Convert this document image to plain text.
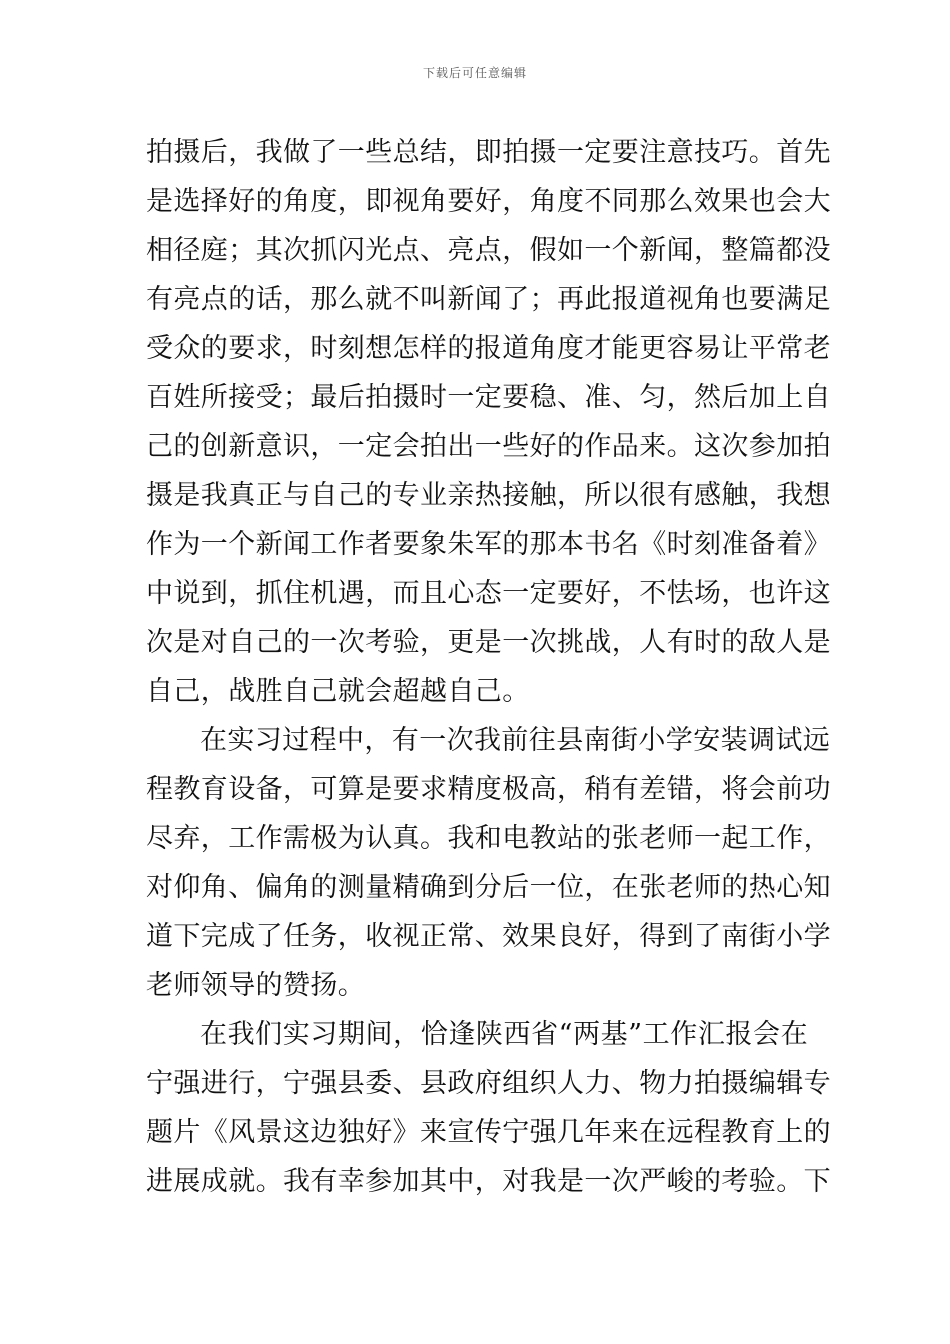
下载后可任意编辑
拍摄后，我做了一些总结，即拍摄一定要注意技巧。首先
是选择好的角度，即视角要好，角度不同那么效果也会大
相径庭；其次抓闪光点、亮点，假如一个新闻，整篇都没
有亮点的话，那么就不叫新闻了；再此报道视角也要满足
受众的要求，时刻想怎样的报道角度才能更容易让平常老
百姓所接受；最后拍摄时一定要稳、准、匀，然后加上自
己的创新意识，一定会拍出一些好的作品来。这次参加拍
摄是我真正与自己的专业亲热接触，所以很有感触，我想
作为一个新闻工作者要象朱军的那本书名《时刻准备着》
中说到，抓住机遇，而且心态一定要好，不怯场，也许这
次是对自己的一次考验，更是一次挑战，人有时的敌人是
自己，战胜自己就会超越自己。
在实习过程中，有一次我前往县南街小学安装调试远
程教育设备，可算是要求精度极高，稍有差错，将会前功
尽弃，工作需极为认真。我和电教站的张老师一起工作，
对仰角、偏角的测量精确到分后一位，在张老师的热心知
道下完成了任务，收视正常、效果良好，得到了南街小学
老师领导的赞扬。
在我们实习期间，恰逢陕西省“两基”工作汇报会在
宁强进行，宁强县委、县政府组织人力、物力拍摄编辑专
题片《风景这边独好》来宣传宁强几年来在远程教育上的
进展成就。我有幸参加其中，对我是一次严峻的考验。下
